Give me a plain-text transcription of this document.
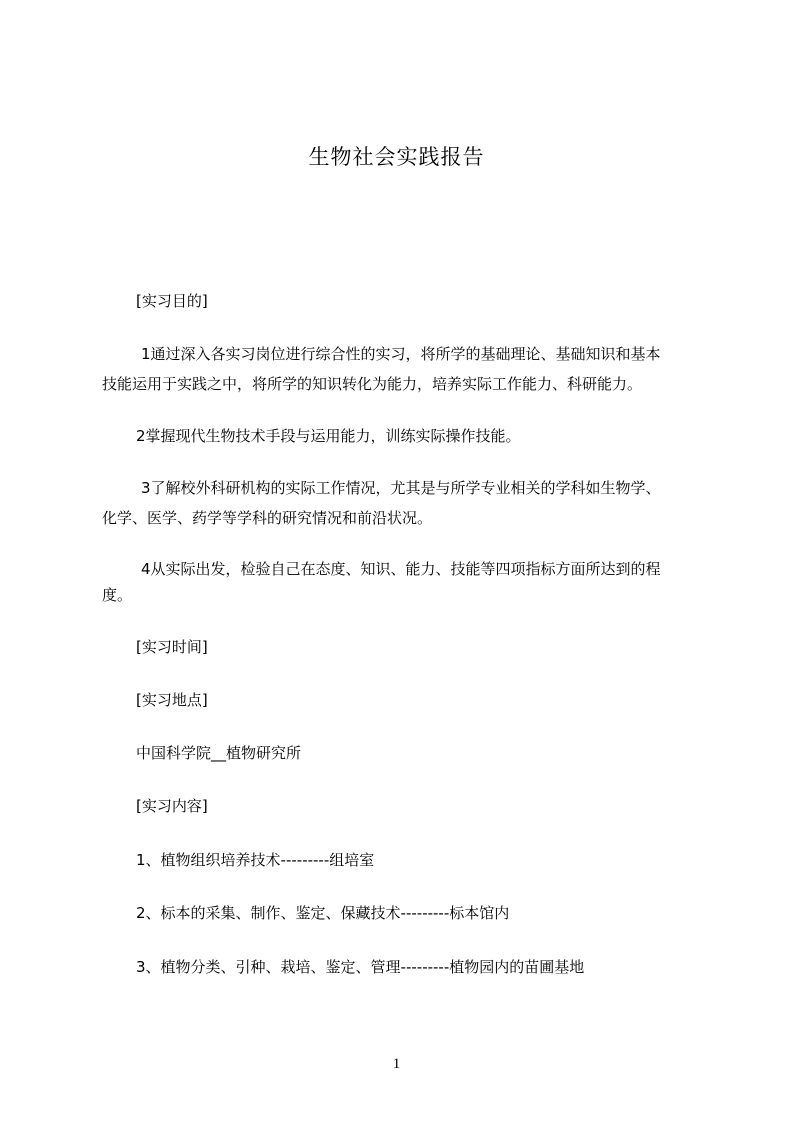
生物社会实践报告
[实习目的]
1通过深入各实习岗位进行综合性的实习，将所学的基础理论、基础知识和基本
技能运用于实践之中，将所学的知识转化为能力，培养实际工作能力、科研能力。
2掌握现代生物技术手段与运用能力，训练实际操作技能。
3了解校外科研机构的实际工作情况，尤其是与所学专业相关的学科如生物学、
化学、医学、药学等学科的研究情况和前沿状况。
4从实际出发，检验自己在态度、知识、能力、技能等四项指标方面所达到的程
度。
[实习时间]
[实习地点]
中国科学院__植物研究所
[实习内容]
1、植物组织培养技术---------组培室
2、标本的采集、制作、鉴定、保藏技术---------标本馆内
3、植物分类、引种、栽培、鉴定、管理---------植物园内的苗圃基地
1
